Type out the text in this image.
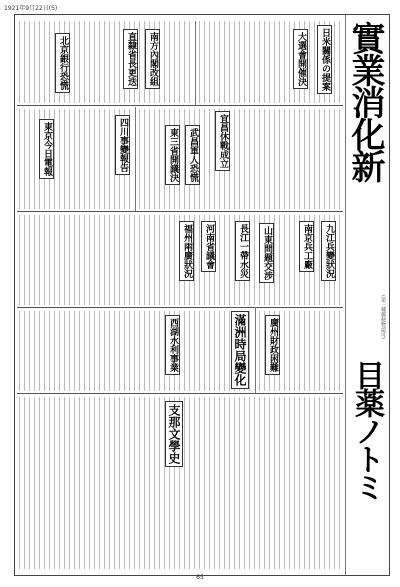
1921年9月22日(5)
實業消化新
(第三種郵便物認可)
目薬ノトミ
日米關係の提案
大選會開催決
宜昌休戰成立
武昌軍人恐慌
東三省開議決
四川事變報告
南方內閣改組
直隸省長更迭
北京銀行恐慌
東京今日電報
九江兵變狀況
南京兵工廠
山東問題交涉
長江一帶水災
河南省議會
福州兩廣狀況
西湖水利事業	廣州財政困難
滿洲時局變化
支那文學史
65
